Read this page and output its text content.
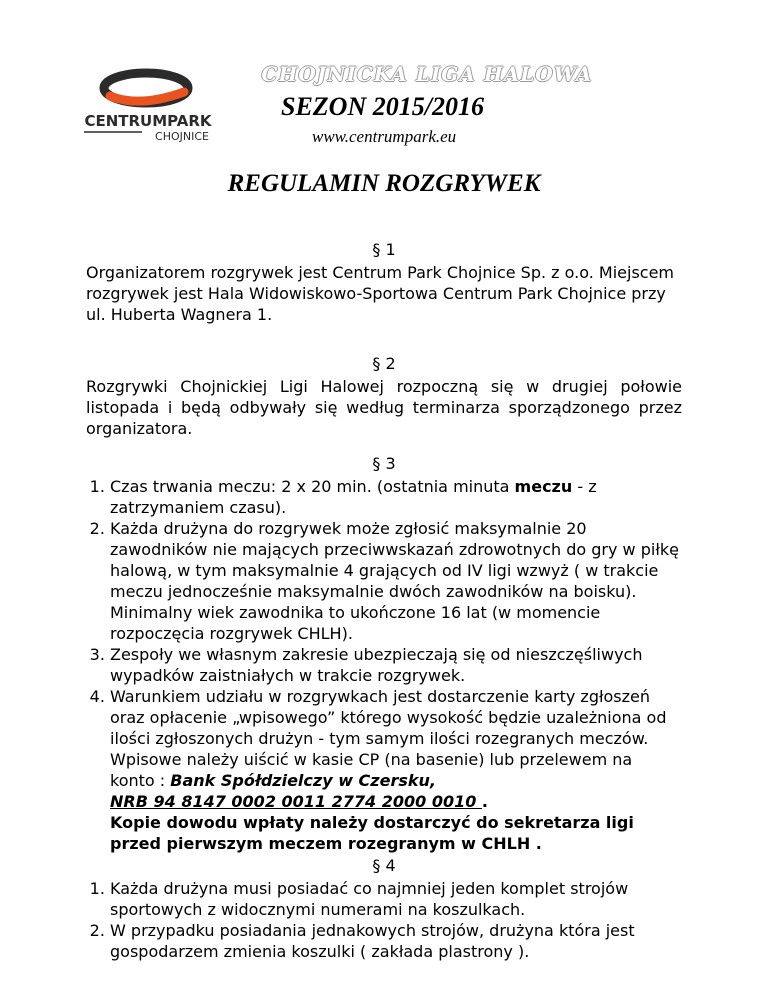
CENTRUMPARK
CHOJNICE
CHOJNICKA LIGA HALOWA
SEZON 2015/2016
www.centrumpark.eu
REGULAMIN ROZGRYWEK
§ 1
Organizatorem rozgrywek jest Centrum Park Chojnice Sp. z o.o. Miejscem rozgrywek jest Hala Widowiskowo-Sportowa Centrum Park Chojnice przy ul. Huberta Wagnera 1.
§ 2
Rozgrywki Chojnickiej Ligi Halowej rozpoczną się w drugiej połowie listopada i będą odbywały się według terminarza sporządzonego przez organizatora.
§ 3
1. Czas trwania meczu: 2 x 20 min. (ostatnia minuta meczu - z zatrzymaniem czasu).
2. Każda drużyna do rozgrywek może zgłosić maksymalnie 20 zawodników nie mających przeciwwskazań zdrowotnych do gry w piłkę halową, w tym maksymalnie 4 grających od IV ligi wzwyż ( w trakcie meczu jednocześnie maksymalnie dwóch zawodników na boisku). Minimalny wiek zawodnika to ukończone 16 lat (w momencie rozpoczęcia rozgrywek CHLH).
3. Zespoły we własnym zakresie ubezpieczają się od nieszczęśliwych wypadków zaistniałych w trakcie rozgrywek.
4. Warunkiem udziału w rozgrywkach jest dostarczenie karty zgłoszeń oraz opłacenie „wpisowego” którego wysokość będzie uzależniona od ilości zgłoszonych drużyn - tym samym ilości rozegranych meczów. Wpisowe należy uiścić w kasie CP (na basenie) lub przelewem na konto : Bank Spółdzielczy w Czersku,
NRB 94 8147 0002 0011 2774 2000 0010 .
Kopie dowodu wpłaty należy dostarczyć do sekretarza ligi przed pierwszym meczem rozegranym w CHLH .
§ 4
1. Każda drużyna musi posiadać co najmniej jeden komplet strojów sportowych z widocznymi numerami na koszulkach.
2. W przypadku posiadania jednakowych strojów, drużyna która jest gospodarzem zmienia koszulki ( zakłada plastrony ).
